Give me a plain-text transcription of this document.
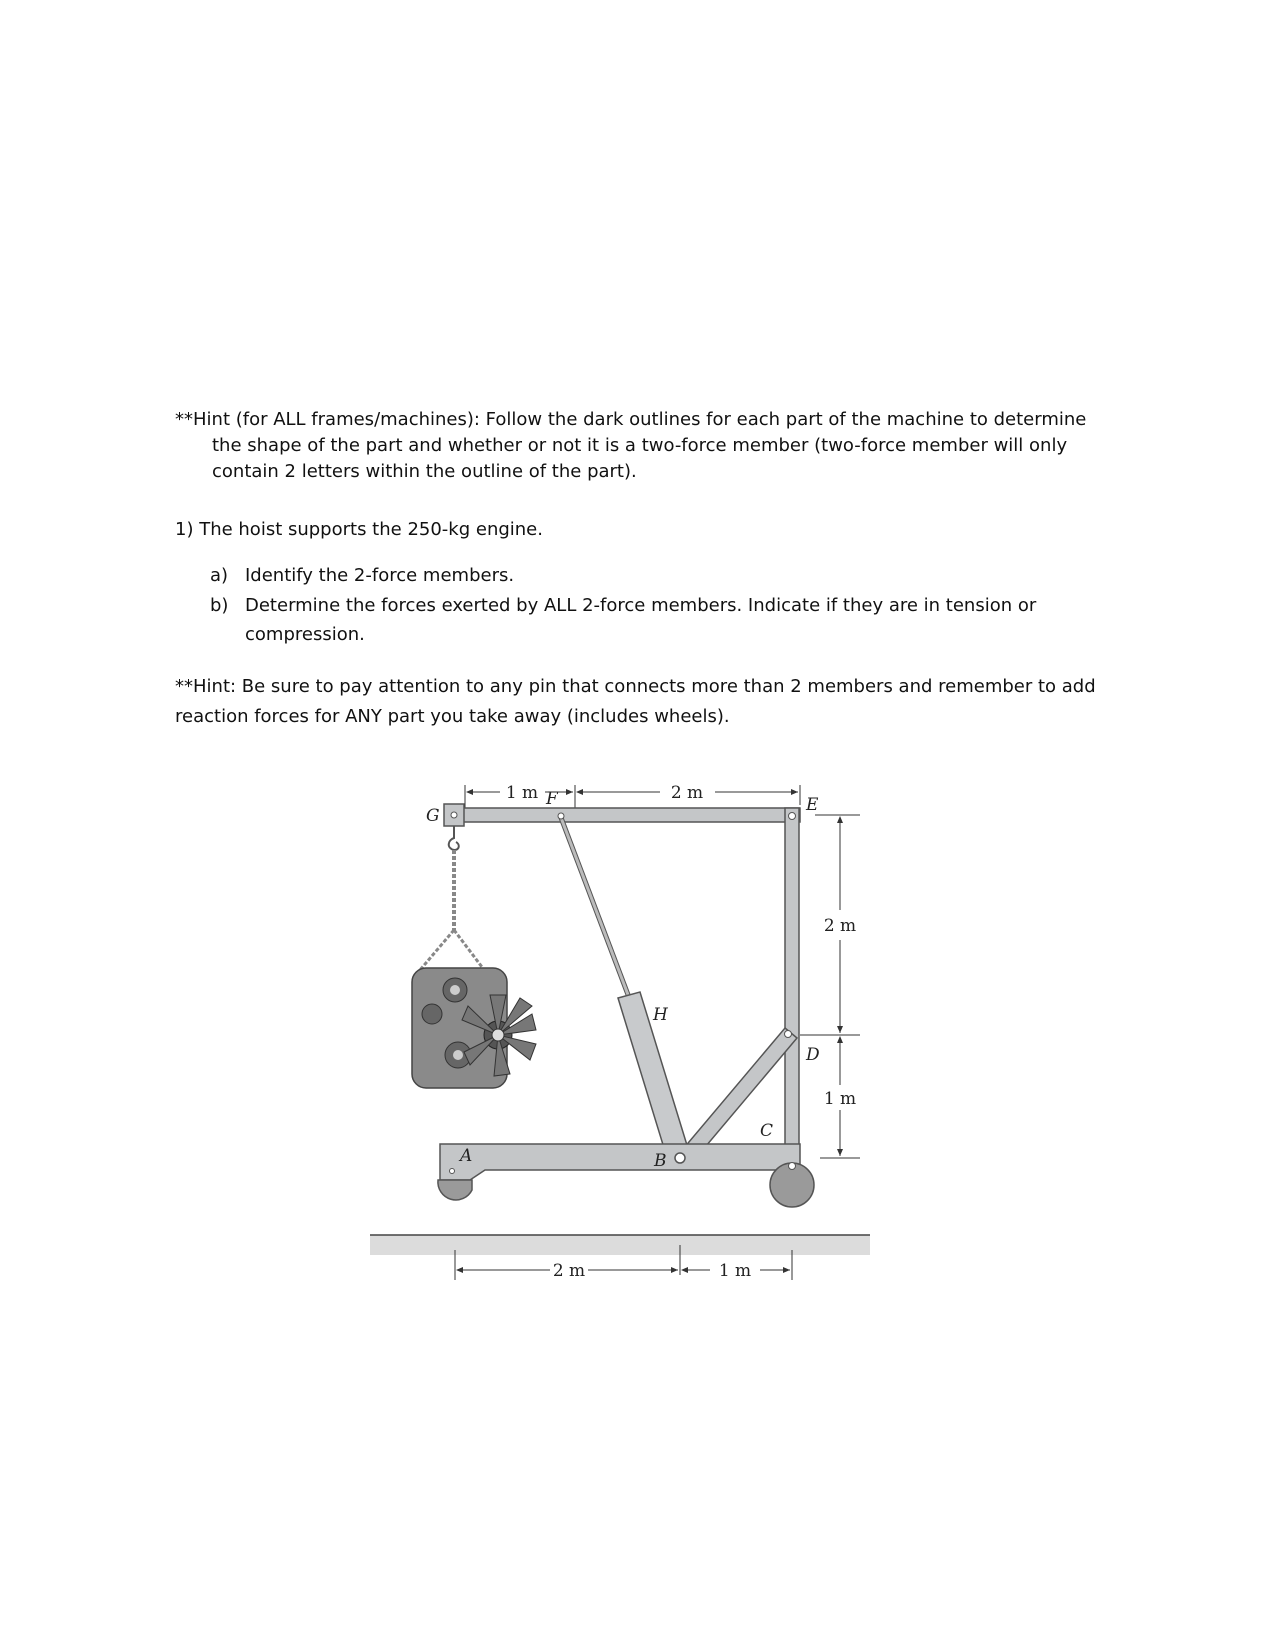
**Hint (for ALL frames/machines): Follow the dark outlines for each part of the machine to determine
the shape of the part and whether or not it is a two-force member (two-force member will only
contain 2 letters within the outline of the part).
1) The hoist supports the 250-kg engine.
a) Identify the 2-force members.
b) Determine the forces exerted by ALL 2-force members. Indicate if they are in tension or
compression.
**Hint: Be sure to pay attention to any pin that connects more than 2 members and remember to add
reaction forces for ANY part you take away (includes wheels).
1 m	2 m
G
F	E
2 m
1 m
D
H
B
A
C
2 m	1 m
